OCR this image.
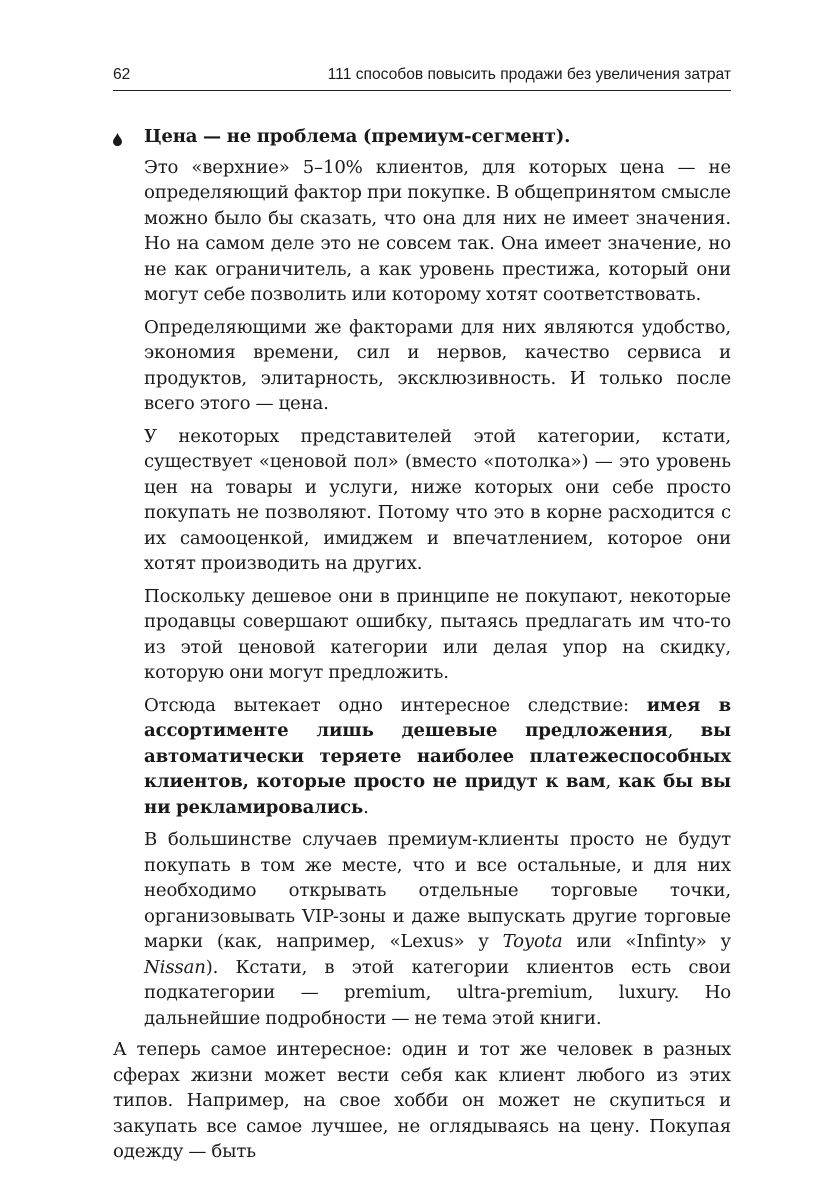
62	111 способов повысить продажи без увеличения затрат

Цена — не проблема (премиум-сегмент).

Это «верхние» 5–10% клиентов, для которых цена — не определяющий фактор при покупке. В общепринятом смысле можно было бы сказать, что она для них не имеет значения. Но на самом деле это не совсем так. Она имеет значение, но не как ограничитель, а как уровень престижа, который они могут себе позволить или которому хотят соответствовать.

Определяющими же факторами для них являются удобство, экономия времени, сил и нервов, качество сервиса и продуктов, элитарность, эксклюзивность. И только после всего этого — цена.

У некоторых представителей этой категории, кстати, существует «ценовой пол» (вместо «потолка») — это уровень цен на товары и услуги, ниже которых они себе просто покупать не позволяют. Потому что это в корне расходится с их самооценкой, имиджем и впечатлением, которое они хотят производить на других.

Поскольку дешевое они в принципе не покупают, некоторые продавцы совершают ошибку, пытаясь предлагать им что-то из этой ценовой категории или делая упор на скидку, которую они могут предложить.

Отсюда вытекает одно интересное следствие: имея в ассортименте лишь дешевые предложения, вы автоматически теряете наиболее платежеспособных клиентов, которые просто не придут к вам, как бы вы ни рекламировались.

В большинстве случаев премиум-клиенты просто не будут покупать в том же месте, что и все остальные, и для них необходимо открывать отдельные торговые точки, организовывать VIP-зоны и даже выпускать другие торговые марки (как, например, «Lexus» у Toyota или «Infinty» у Nissan). Кстати, в этой категории клиентов есть свои подкатегории — premium, ultra-premium, luxury. Но дальнейшие подробности — не тема этой книги.

А теперь самое интересное: один и тот же человек в разных сферах жизни может вести себя как клиент любого из этих типов. Например, на свое хобби он может не скупиться и закупать все самое лучшее, не оглядываясь на цену. Покупая одежду — быть
